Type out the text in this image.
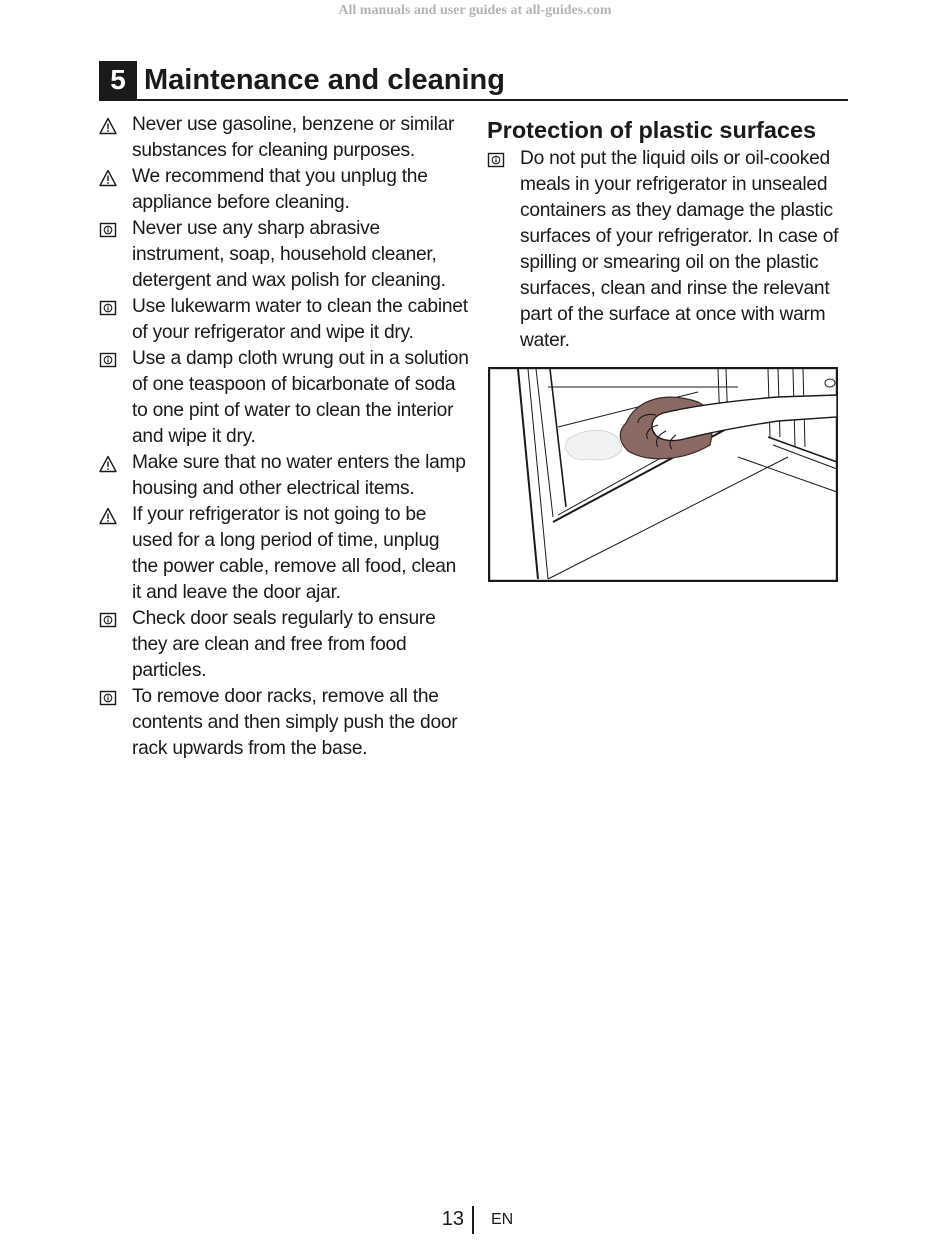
All manuals and user guides at all-guides.com
5 Maintenance and cleaning
Never use gasoline, benzene or similar substances for cleaning purposes.
We recommend that you unplug the appliance before cleaning.
Never use any sharp abrasive instrument, soap, household cleaner, detergent and wax polish for cleaning.
Use lukewarm water to clean the cabinet of your refrigerator and wipe it dry.
Use a damp cloth wrung out in a solution of one teaspoon of bicarbonate of soda to one pint of water to clean the interior and wipe it dry.
Make sure that no water enters the lamp housing and other electrical items.
If your refrigerator is not going to be used for a long period of time, unplug the power cable, remove all food, clean it and leave the door ajar.
Check door seals regularly to ensure they are clean and free from food particles.
To remove door racks, remove all the contents and then simply push the door rack upwards from the base.
Protection of plastic surfaces
Do not put the liquid oils or oil-cooked meals in your refrigerator in unsealed containers as they damage the plastic surfaces of your refrigerator. In case of spilling or smearing oil on the plastic surfaces, clean and rinse the relevant part of the surface at once with warm water.
13 EN
